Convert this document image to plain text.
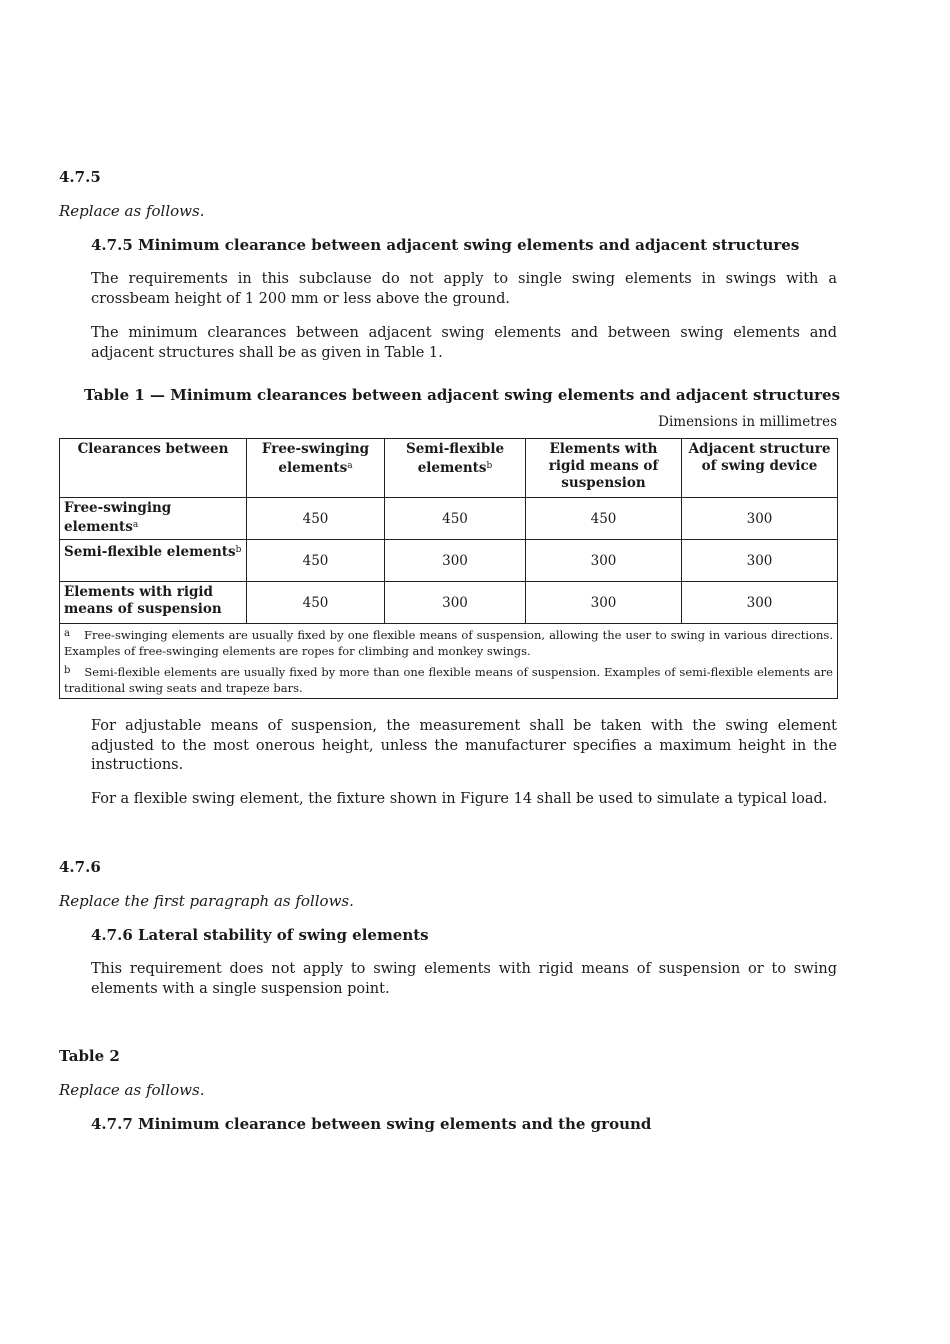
4.7.5
Replace as follows.
4.7.5 Minimum clearance between adjacent swing elements and adjacent structures
The requirements in this subclause do not apply to single swing elements in swings with a crossbeam height of 1 200 mm or less above the ground.
The minimum clearances between adjacent swing elements and between swing elements and adjacent structures shall be as given in Table 1.
Table 1 — Minimum clearances between adjacent swing elements and adjacent structures
Dimensions in millimetres
Clearances between	Free-swinging elements$^a$	Semi-flexible elements$^b$	Elements with rigid means of suspension	Adjacent structure of swing device
Free-swinging elements$^a$	450	450	450	300
Semi-flexible elements$^b$	450	300	300	300
Elements with rigid means of suspension	450	300	300	300
a Free-swinging elements are usually fixed by one flexible means of suspension, allowing the user to swing in various directions. Examples of free-swinging elements are ropes for climbing and monkey swings.				
b Semi-flexible elements are usually fixed by more than one flexible means of suspension. Examples of semi-flexible elements are traditional swing seats and trapeze bars.				
For adjustable means of suspension, the measurement shall be taken with the swing element adjusted to the most onerous height, unless the manufacturer specifies a maximum height in the instructions.
For a flexible swing element, the fixture shown in Figure 14 shall be used to simulate a typical load.
4.7.6
Replace the first paragraph as follows.
4.7.6 Lateral stability of swing elements
This requirement does not apply to swing elements with rigid means of suspension or to swing elements with a single suspension point.
Table 2
Replace as follows.
4.7.7 Minimum clearance between swing elements and the ground
